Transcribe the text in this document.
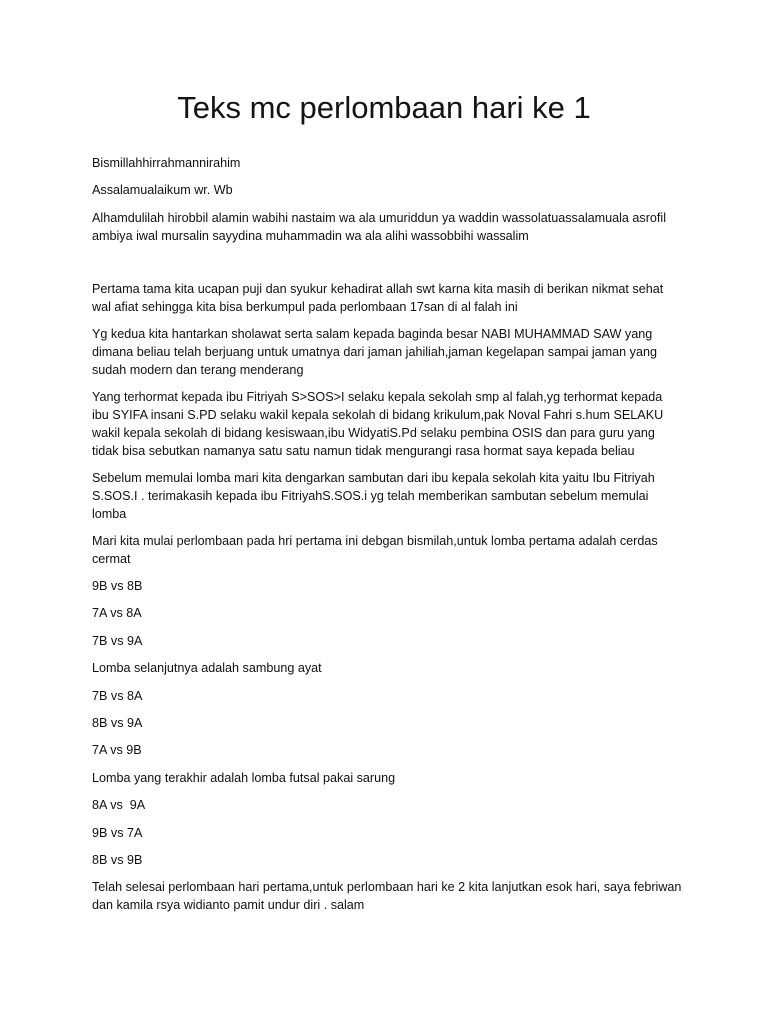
Teks mc perlombaan hari ke 1

Bismillahhirrahmannirahim

Assalamualaikum wr. Wb

Alhamdulilah hirobbil alamin wabihi nastaim wa ala umuriddun ya waddin wassolatuassalamuala asrofil ambiya iwal mursalin sayydina muhammadin wa ala alihi wassobbihi wassalim

Pertama tama kita ucapan puji dan syukur kehadirat allah swt karna kita masih di berikan nikmat sehat wal afiat sehingga kita bisa berkumpul pada perlombaan 17san di al falah ini

Yg kedua kita hantarkan sholawat serta salam kepada baginda besar NABI MUHAMMAD SAW yang dimana beliau telah berjuang untuk umatnya dari jaman jahiliah,jaman kegelapan sampai jaman yang sudah modern dan terang menderang

Yang terhormat kepada ibu Fitriyah S>SOS>I selaku kepala sekolah smp al falah,yg terhormat kepada ibu SYIFA insani S.PD selaku wakil kepala sekolah di bidang krikulum,pak Noval Fahri s.hum SELAKU wakil kepala sekolah di bidang kesiswaan,ibu WidyatiS.Pd selaku pembina OSIS dan para guru yang tidak bisa sebutkan namanya satu satu namun tidak mengurangi rasa hormat saya kepada beliau

Sebelum memulai lomba mari kita dengarkan sambutan dari ibu kepala sekolah kita yaitu Ibu Fitriyah S.SOS.I . terimakasih kepada ibu FitriyahS.SOS.i yg telah memberikan sambutan sebelum memulai lomba

Mari kita mulai perlombaan pada hri pertama ini debgan bismilah,untuk lomba pertama adalah cerdas cermat

9B vs 8B

7A vs 8A

7B vs 9A

Lomba selanjutnya adalah sambung ayat

7B vs 8A

8B vs 9A

7A vs 9B

Lomba yang terakhir adalah lomba futsal pakai sarung

8A vs  9A

9B vs 7A

8B vs 9B

Telah selesai perlombaan hari pertama,untuk perlombaan hari ke 2 kita lanjutkan esok hari, saya febriwan dan kamila rsya widianto pamit undur diri . salam
